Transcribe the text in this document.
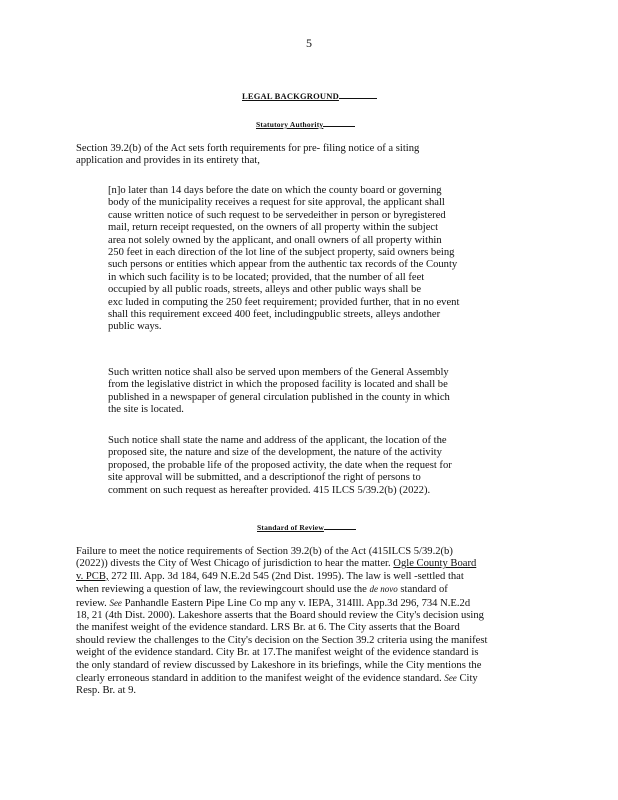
5
LEGAL BACKGROUND
Statutory Authority
Section 39.2(b) of the Act sets forth requirements for pre- filing notice of a siting
application and provides in its entirety that,
[n]o later than 14 days before the date on which the county board or governing
body of the municipality receives a request for site approval, the applicant shall
cause written notice of such request to be servedeither in person or byregistered
mail, return receipt requested, on the owners of all property within the subject
area not solely owned by the applicant, and onall owners of all property within
250 feet in each direction of the lot line of the subject property, said owners being
such persons or entities which appear from the authentic tax records of the County
in which such facility is to be located; provided, that the number of all feet
occupied by all public roads, streets, alleys and other public ways shall be
exc luded in computing the 250 feet requirement; provided further, that in no event
shall this requirement exceed 400 feet, includingpublic streets, alleys andother
public ways.
Such written notice shall also be served upon members of the General Assembly
from the legislative district in which the proposed facility is located and shall be
published in a newspaper of general circulation published in the county in which
the site is located.
Such notice shall state the name and address of the applicant, the location of the
proposed site, the nature and size of the development, the nature of the activity
proposed, the probable life of the proposed activity, the date when the request for
site approval will be submitted, and a descriptionof the right of persons to
comment on such request as hereafter provided. 415 ILCS 5/39.2(b) (2022).
Standard of Review
Failure to meet the notice requirements of Section 39.2(b) of the Act (415ILCS 5/39.2(b)
(2022)) divests the City of West Chicago of jurisdiction to hear the matter. Ogle County Board
v. PCB, 272 Ill. App. 3d 184, 649 N.E.2d 545 (2nd Dist. 1995). The law is well -settled that
when reviewing a question of law, the reviewingcourt should use the de novo standard of
review. See Panhandle Eastern Pipe Line Co mp any v. IEPA, 314Ill. App.3d 296, 734 N.E.2d
18, 21 (4th Dist. 2000). Lakeshore asserts that the Board should review the City's decision using
the manifest weight of the evidence standard. LRS Br. at 6. The City asserts that the Board
should review the challenges to the City's decision on the Section 39.2 criteria using the manifest
weight of the evidence standard. City Br. at 17.The manifest weight of the evidence standard is
the only standard of review discussed by Lakeshore in its briefings, while the City mentions the
clearly erroneous standard in addition to the manifest weight of the evidence standard. See City
Resp. Br. at 9.
